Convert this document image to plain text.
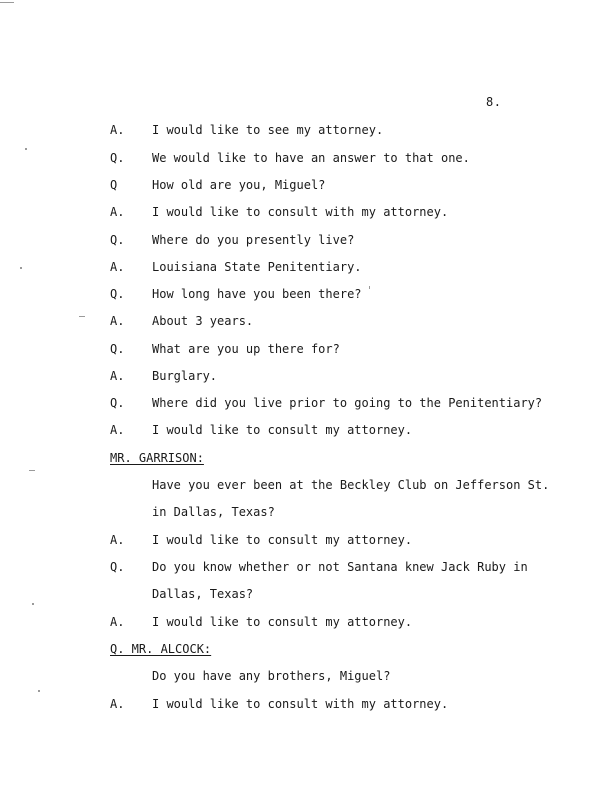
8.
A. I would like to see my attorney.
Q. We would like to have an answer to that one.
Q	How old are you, Miguel?
A. I would like to consult with my attorney.
Q. Where do you presently live?
A. Louisiana State Penitentiary.
Q. How long have you been there?
A. About 3 years.
Q. What are you up there for?
A. Burglary.
Q. Where did you live prior to going to the Penitentiary?
A. I would like to consult my attorney.
MR. GARRISON:
Have you ever been at the Beckley Club on Jefferson St.
in Dallas, Texas?
A. I would like to consult my attorney.
Q. Do you know whether or not Santana knew Jack Ruby in
Dallas, Texas?
A. I would like to consult my attorney.
Q. MR. ALCOCK:
Do you have any brothers, Miguel?
A. I would like to consult with my attorney.
